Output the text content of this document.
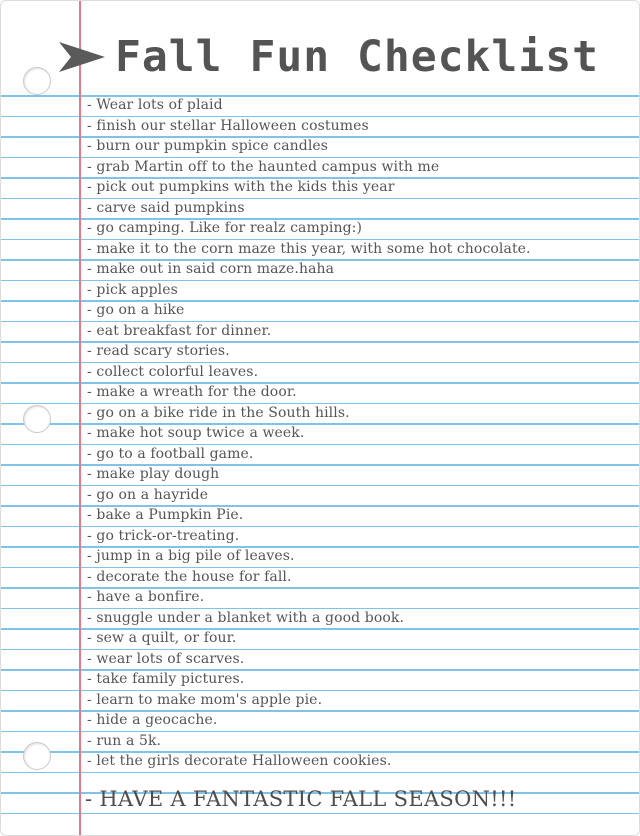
Fall Fun Checklist
- Wear lots of plaid
- finish our stellar Halloween costumes
- burn our pumpkin spice candles
- grab Martin off to the haunted campus with me
- pick out pumpkins with the kids this year
- carve said pumpkins
- go camping. Like for realz camping:)
- make it to the corn maze this year, with some hot chocolate.
- make out in said corn maze.haha
- pick apples
- go on a hike
- eat breakfast for dinner.
- read scary stories.
- collect colorful leaves.
- make a wreath for the door.
- go on a bike ride in the South hills.
- make hot soup twice a week.
- go to a football game.
- make play dough
- go on a hayride
- bake a Pumpkin Pie.
- go trick-or-treating.
- jump in a big pile of leaves.
- decorate the house for fall.
- have a bonfire.
- snuggle under a blanket with a good book.
- sew a quilt, or four.
- wear lots of scarves.
- take family pictures.
- learn to make mom's apple pie.
- hide a geocache.
- run a 5k.
- let the girls decorate Halloween cookies.
- HAVE A FANTASTIC FALL SEASON!!!
